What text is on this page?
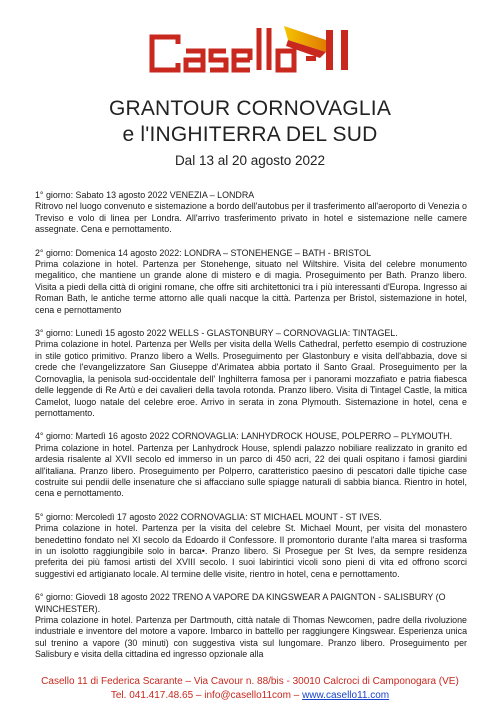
GRANTOUR CORNOVAGLIA
e l'INGHITERRA DEL SUD
Dal 13 al 20 agosto 2022
1° giorno: Sabato 13 agosto 2022 VENEZIA – LONDRA
Ritrovo nel luogo convenuto e sistemazione a bordo dell'autobus per il trasferimento all'aeroporto di Venezia o Treviso e volo di linea per Londra. All'arrivo trasferimento privato in hotel e sistemazione nelle camere assegnate. Cena e pernottamento.
2° giorno: Domenica 14 agosto 2022: LONDRA – STONEHENGE – BATH - BRISTOL
Prima colazione in hotel. Partenza per Stonehenge, situato nel Wiltshire. Visita del celebre monumento megalitico, che mantiene un grande alone di mistero e di magia. Proseguimento per Bath. Pranzo libero. Visita a piedi della città di origini romane, che offre siti architettonici tra i più interessanti d'Europa. Ingresso ai Roman Bath, le antiche terme attorno alle quali nacque la città. Partenza per Bristol, sistemazione in hotel, cena e pernottamento
3° giorno: Lunedì 15 agosto 2022 WELLS - GLASTONBURY – CORNOVAGLIA: TINTAGEL.
Prima colazione in hotel. Partenza per Wells per visita della Wells Cathedral, perfetto esempio di costruzione in stile gotico primitivo. Pranzo libero a Wells. Proseguimento per Glastonbury e visita dell'abbazia, dove si crede che l'evangelizzatore San Giuseppe d'Arimatea abbia portato il Santo Graal. Proseguimento per la Cornovaglia, la penisola sud-occidentale dell' Inghilterra famosa per i panorami mozzafiato e patria fiabesca delle leggende di Re Artù e dei cavalieri della tavola rotonda. Pranzo libero. Visita di Tintagel Castle, la mitica Camelot, luogo natale del celebre eroe. Arrivo in serata in zona Plymouth. Sistemazione in hotel, cena e pernottamento.
4° giorno: Martedì 16 agosto 2022 CORNOVAGLIA: LANHYDROCK HOUSE, POLPERRO – PLYMOUTH.
Prima colazione in hotel. Partenza per Lanhydrock House, splendi palazzo nobiliare realizzato in granito ed ardesia risalente al XVII secolo ed immerso in un parco di 450 acri, 22 dei quali ospitano i famosi giardini all'italiana. Pranzo libero. Proseguimento per Polperro, caratteristico paesino di pescatori dalle tipiche case costruite sui pendii delle insenature che si affacciano sulle spiagge naturali di sabbia bianca. Rientro in hotel, cena e pernottamento.
5° giorno: Mercoledì 17 agosto 2022 CORNOVAGLIA: ST MICHAEL MOUNT - ST IVES.
Prima colazione in hotel. Partenza per la visita del celebre St. Michael Mount, per visita del monastero benedettino fondato nel XI secolo da Edoardo il Confessore. Il promontorio durante l'alta marea si trasforma in un isolotto raggiungibile solo in barca•. Pranzo libero. Si Prosegue per St Ives, da sempre residenza preferita dei più famosi artisti del XVIII secolo. I suoi labirintici vicoli sono pieni di vita ed offrono scorci suggestivi ed artigianato locale. Al termine delle visite, rientro in hotel, cena e pernottamento.
6° giorno: Giovedì 18 agosto 2022 TRENO A VAPORE DA KINGSWEAR A PAIGNTON - SALISBURY (O WINCHESTER).
Prima colazione in hotel. Partenza per Dartmouth, città natale di Thomas Newcomen, padre della rivoluzione industriale e inventore del motore a vapore. Imbarco in battello per raggiungere Kingswear. Esperienza unica sul trenino a vapore (30 minuti) con suggestiva vista sul lungomare. Pranzo libero. Proseguimento per Salisbury e visita della cittadina ed ingresso opzionale alla
Casello 11 di Federica Scarante – Via Cavour n. 88/bis - 30010 Calcroci di Camponogara (VE)
Tel. 041.417.48.65 – info@casello11com – www.casello11.com
